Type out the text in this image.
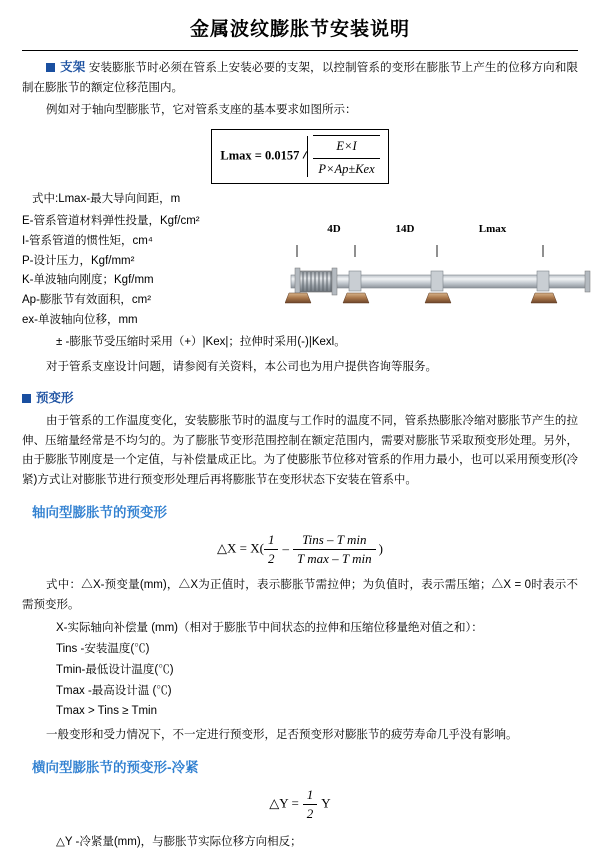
金属波纹膨胀节安装说明

支架 安装膨胀节时必须在管系上安装必要的支架，以控制管系的变形在膨胀节上产生的位移方向和限制在膨胀节的额定位移范围内。

例如对于轴向型膨胀节，它对管系支座的基本要求如图所示：

$Lmax = 0.0157 \frac{E\times I}{\text{P×Ap±Kex}}$

式中:Lmax-最大导向间距，m

E-管系管道材料弹性投量，Kgf/cm²
I-管系管道的惯性矩，cm⁴
P-设计压力，Kgf/mm²
K-单波轴向刚度；Kgf/mm
Ap-膨胀节有效面积，cm²
ex-单波轴向位移，mm
4D	14D	Lmax
± -膨胀节受压缩时采用（+）|Kex|；拉伸时采用(-)|Kexl。

对于管系支座设计问题，请参阅有关资料，本公司也为用户提供咨询等服务。

预变形

由于管系的工作温度变化，安装膨胀节时的温度与工作时的温度不同，管系热膨胀冷缩对膨胀节产生的拉伸、压缩量经常是不均匀的。为了膨胀节变形范围控制在额定范围内，需要对膨胀节采取预变形处理。另外，由于膨胀节刚度是一个定值，与补偿量成正比。为了使膨胀节位移对管系的作用力最小，也可以采用预变形(冷紧)方式让对膨胀节进行预变形处理后再将膨胀节在变形状态下安装在管系中。

轴向型膨胀节的预变形
△X = $X( \frac{1}{2} - \frac{\text{Tins – T min}}{\text{T max – T min}}$ )

式中：△X-预变量(mm)，△X为正值时，表示膨胀节需拉伸；为负值时，表示需压缩；△X = 0时表示不需预变形。

X-实际轴向补偿量 (mm)（相对于膨胀节中间状态的拉伸和压缩位移量绝对值之和）：
Tins -安装温度(℃)
Tmin-最低设计温度(℃)
Tmax -最高设计温 (℃)
Tmax > Tins ≥ Tmin

一般变形和受力情况下，不一定进行预变形，足否预变形对膨胀节的疲劳寿命几乎没有影响。

横向型膨胀节的预变形-冷紧
△Y = $\frac{1}{2}$ Y
△Y -冷紧量(mm)，与膨胀节实际位移方向相反；
